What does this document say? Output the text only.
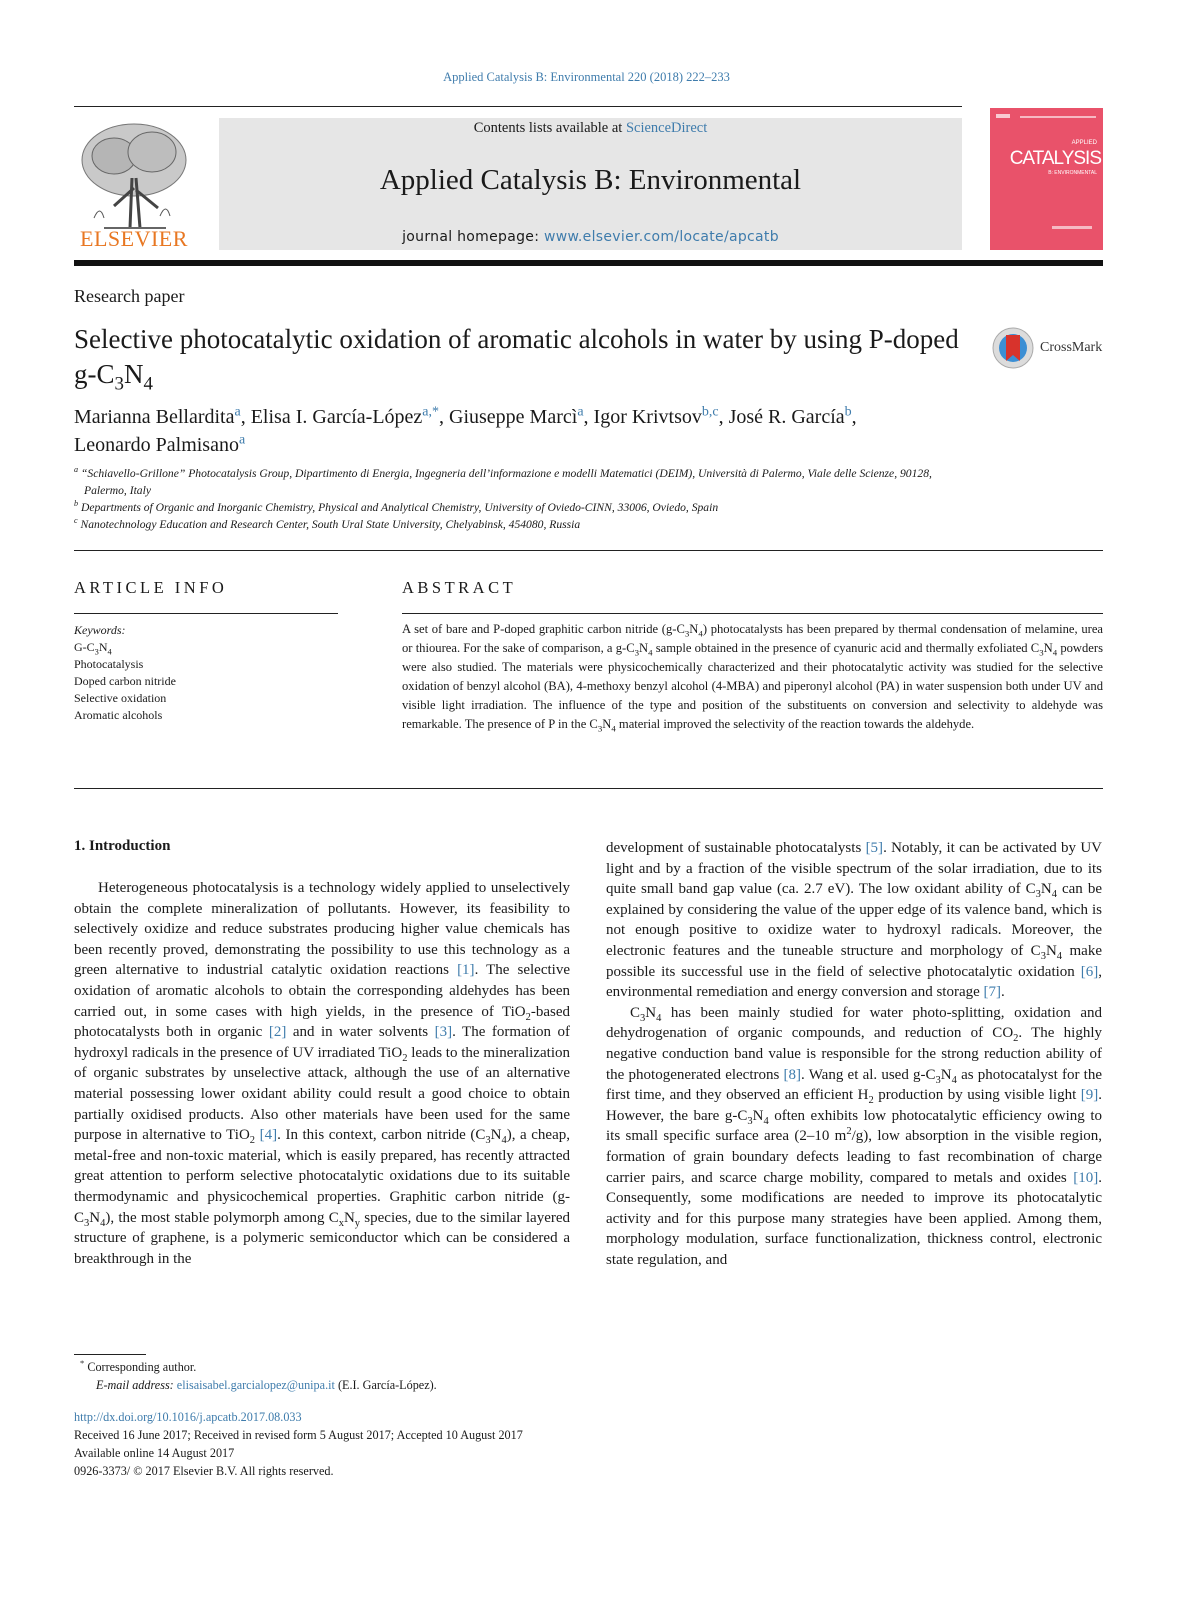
Applied Catalysis B: Environmental 220 (2018) 222–233
ELSEVIER
Contents lists available at ScienceDirect
Applied Catalysis B: Environmental
journal homepage: www.elsevier.com/locate/apcatb
APPLIED
CATALYSIS
B: ENVIRONMENTAL
Research paper
Selective photocatalytic oxidation of aromatic alcohols in water by using P-doped $g-C_3N_4$
CrossMark
Marianna Bellardita$^a$, Elisa I. García-López$^{a,*}$, Giuseppe Marcì$^a$, Igor Krivtsov$^{b,c}$, José R. García$^b$,
Leonardo Palmisano$^a$
$^a$ “Schiavello-Grillone” Photocatalysis Group, Dipartimento di Energia, Ingegneria dell’informazione e modelli Matematici (DEIM), Università di Palermo, Viale delle Scienze, 90128, Palermo, Italy
$^b$ Departments of Organic and Inorganic Chemistry, Physical and Analytical Chemistry, University of Oviedo-CINN, 33006, Oviedo, Spain
$^c$ Nanotechnology Education and Research Center, South Ural State University, Chelyabinsk, 454080, Russia
ARTICLE INFO	ABSTRACT
Keywords:
$G-C_3N_4$
Photocatalysis
Doped carbon nitride
Selective oxidation
Aromatic alcohols
A set of bare and P-doped graphitic carbon nitride $(g-C_3N_4)$ photocatalysts has been prepared by thermal condensation of melamine, urea or thiourea. For the sake of comparison, a $g-C_3N_4$ sample obtained in the presence of cyanuric acid and thermally exfoliated $C_3N_4$ powders were also studied. The materials were physicochemically characterized and their photocatalytic activity was studied for the selective oxidation of benzyl alcohol (BA), 4-methoxy benzyl alcohol (4-MBA) and piperonyl alcohol (PA) in water suspension both under UV and visible light irradiation. The influence of the type and position of the substituents on conversion and selectivity to aldehyde was remarkable. The presence of P in the $C_3N_4$ material improved the selectivity of the reaction towards the aldehyde.
1. Introduction

Heterogeneous photocatalysis is a technology widely applied to unselectively obtain the complete mineralization of pollutants. However, its feasibility to selectively oxidize and reduce substrates producing higher value chemicals has been recently proved, demonstrating the possibility to use this technology as a green alternative to industrial catalytic oxidation reactions [1]. The selective oxidation of aromatic alcohols to obtain the corresponding aldehydes has been carried out, in some cases with high yields, in the presence of TiO$_2$-based photocatalysts both in organic [2] and in water solvents [3]. The formation of hydroxyl radicals in the presence of UV irradiated TiO$_2$ leads to the mineralization of organic substrates by unselective attack, although the use of an alternative material possessing lower oxidant ability could result a good choice to obtain partially oxidised products. Also other materials have been used for the same purpose in alternative to TiO$_2$ [4]. In this context, carbon nitride $(C_3N_4)$, a cheap, metal-free and non-toxic material, which is easily prepared, has recently attracted great attention to perform selective photocatalytic oxidations due to its suitable thermodynamic and physicochemical properties. Graphitic carbon nitride $(g-C_3N_4)$, the most stable polymorph among $C_xN_y$ species, due to the similar layered structure of graphene, is a polymeric semiconductor which can be considered a breakthrough in the

development of sustainable photocatalysts [5]. Notably, it can be activated by UV light and by a fraction of the visible spectrum of the solar irradiation, due to its quite small band gap value (ca. 2.7 eV). The low oxidant ability of $C_3N_4$ can be explained by considering the value of the upper edge of its valence band, which is not enough positive to oxidize water to hydroxyl radicals. Moreover, the electronic features and the tuneable structure and morphology of $C_3N_4$ make possible its successful use in the field of selective photocatalytic oxidation [6], environmental remediation and energy conversion and storage [7].

$C_3N_4$ has been mainly studied for water photo-splitting, oxidation and dehydrogenation of organic compounds, and reduction of $CO_2$. The highly negative conduction band value is responsible for the strong reduction ability of the photogenerated electrons [8]. Wang et al. used $g-C_3N_4$ as photocatalyst for the first time, and they observed an efficient $H_2$ production by using visible light [9]. However, the bare $g-C_3N_4$ often exhibits low photocatalytic efficiency owing to its small specific surface area (2–10 $m^2/g$), low absorption in the visible region, formation of grain boundary defects leading to fast recombination of charge carrier pairs, and scarce charge mobility, compared to metals and oxides [10]. Consequently, some modifications are needed to improve its photocatalytic activity and for this purpose many strategies have been applied. Among them, morphology modulation, surface functionalization, thickness control, electronic state regulation, and

* Corresponding author.
E-mail address: elisaisabel.garcialopez@unipa.it (E.I. García-López).
http://dx.doi.org/10.1016/j.apcatb.2017.08.033
Received 16 June 2017; Received in revised form 5 August 2017; Accepted 10 August 2017
Available online 14 August 2017
0926-3373/ © 2017 Elsevier B.V. All rights reserved.
